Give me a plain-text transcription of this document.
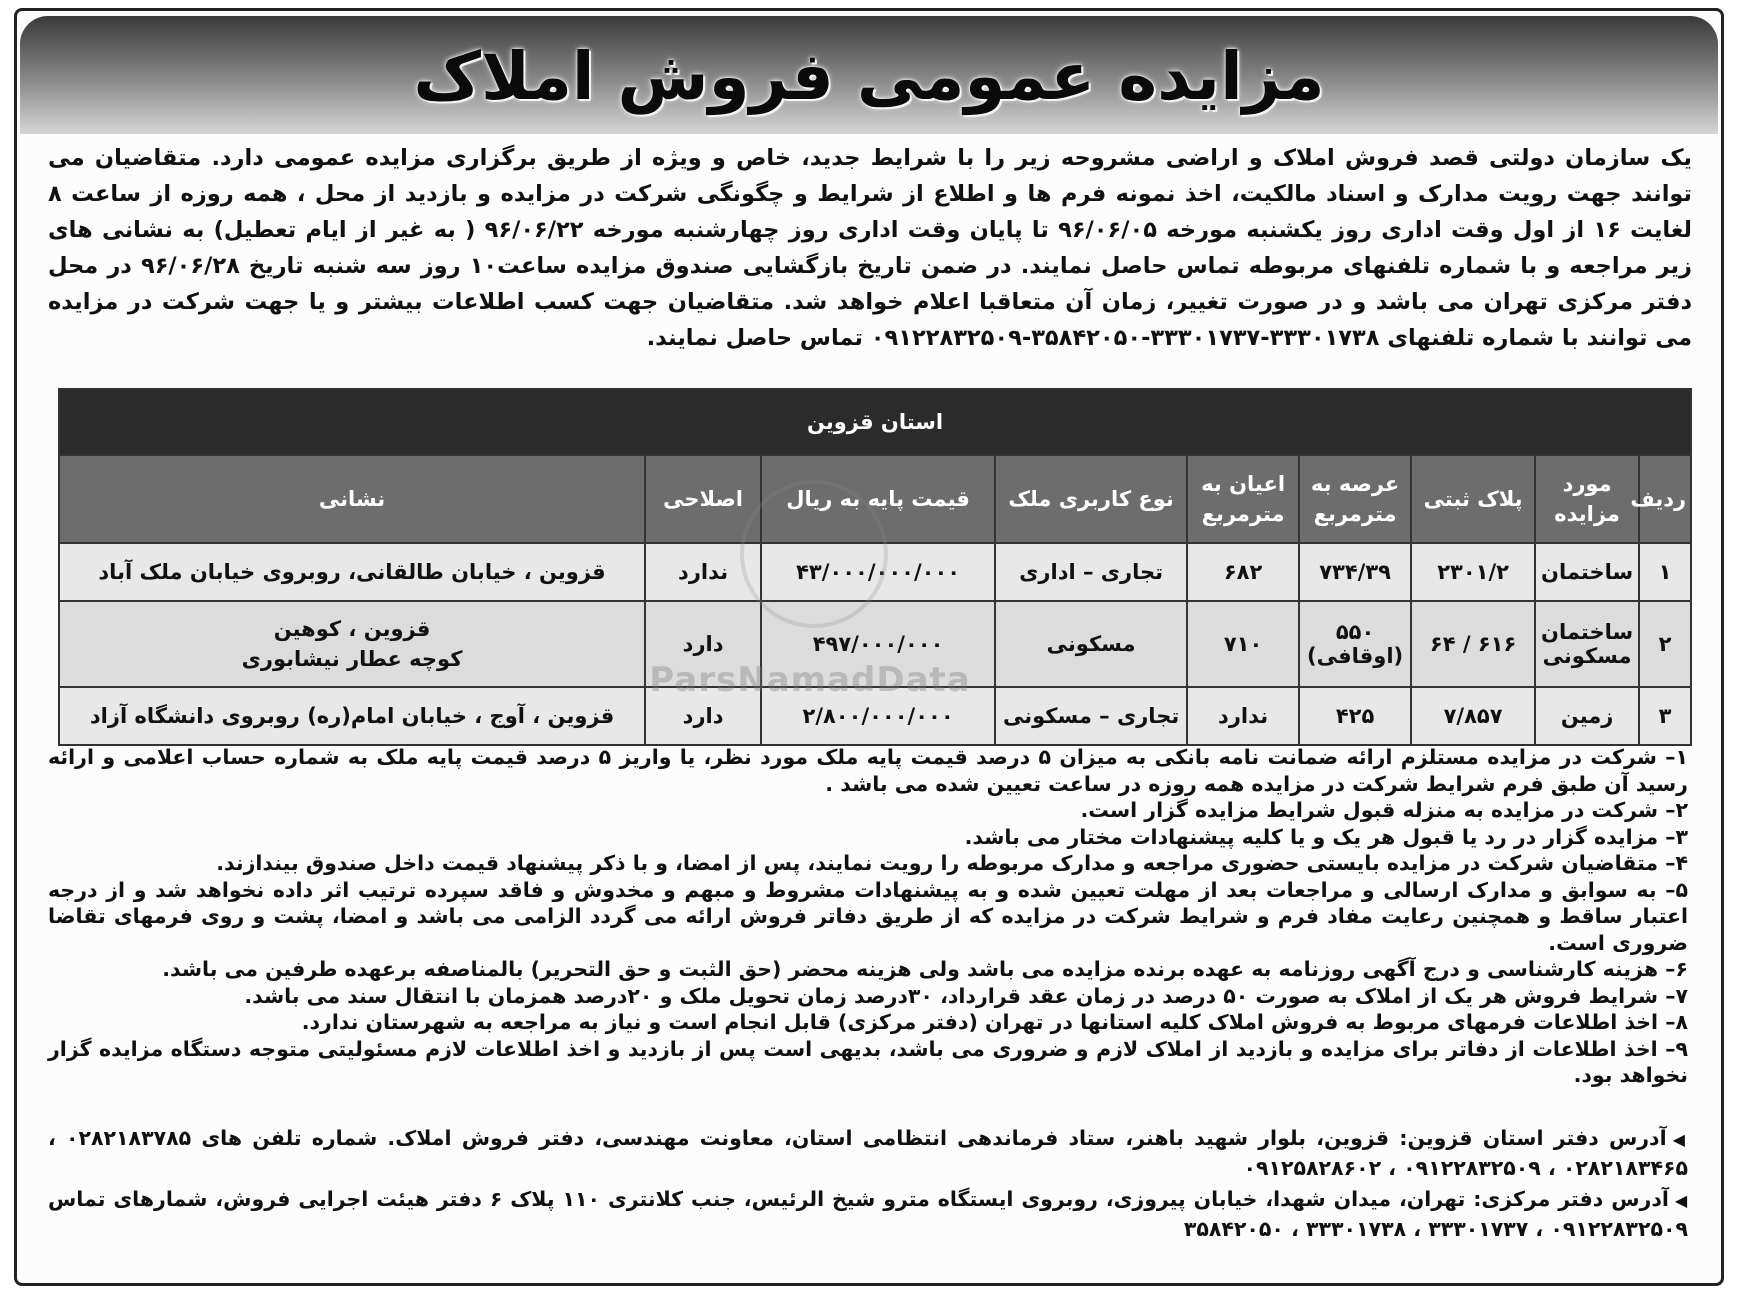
مزایده عمومی فروش املاک

یک سازمان دولتی قصد فروش املاک و اراضی مشروحه زیر را با شرایط جدید، خاص و ویژه از طریق برگزاری مزایده عمومی دارد. متقاضیان می توانند جهت رویت مدارک و اسناد مالکیت، اخذ نمونه فرم ها و اطلاع از شرایط و چگونگی شرکت در مزایده و بازدید از محل ، همه روزه از ساعت ۸ لغایت ۱۶ از اول وقت اداری روز یکشنبه مورخه ۹۶/۰۶/۰۵ تا پایان وقت اداری روز چهارشنبه مورخه ۹۶/۰۶/۲۲ ( به غیر از ایام تعطیل) به نشانی های زیر مراجعه و با شماره تلفنهای مربوطه تماس حاصل نمایند. در ضمن تاریخ بازگشایی صندوق مزایده ساعت۱۰ روز سه شنبه تاریخ ۹۶/۰۶/۲۸ در محل دفتر مرکزی تهران می باشد و در صورت تغییر، زمان آن متعاقبا اعلام خواهد شد. متقاضیان جهت کسب اطلاعات بیشتر و یا جهت شرکت در مزایده می توانند با شماره تلفنهای ۳۳۳۰۱۷۳۸-۳۳۳۰۱۷۳۷-۳۵۸۴۲۰۵۰-۰۹۱۲۲۸۳۲۵۰۹ تماس حاصل نمایند.

استان قزوین								
ردیف	مورد مزایده	پلاک ثبتی	عرصه به مترمربع	اعیان به مترمربع	نوع کاربری ملک	قیمت پایه به ریال	اصلاحی	نشانی
۱	ساختمان	۲۳۰۱/۲	۷۳۴/۳۹	۶۸۲	تجاری – اداری	۴۳/۰۰۰/۰۰۰/۰۰۰	ندارد	قزوین ، خیابان طالقانی، روبروی خیابان ملک آباد
۲	ساختمان مسکونی	۶۱۶ / ۶۴	۵۵۰ (اوقافی)	۷۱۰	مسکونی	۴۹۷/۰۰۰/۰۰۰	دارد	قزوین ، کوهین
کوچه عطار نیشابوری
۳	زمین	۷/۸۵۷	۴۲۵	ندارد	تجاری – مسکونی	۲/۸۰۰/۰۰۰/۰۰۰	دارد	قزوین ، آوج ، خیابان امام(ره) روبروی دانشگاه آزاد
ParsNamadData

۱– شرکت در مزایده مستلزم ارائه ضمانت نامه بانکی به میزان ۵ درصد قیمت پایه ملک مورد نظر، یا واریز ۵ درصد قیمت پایه ملک به شماره حساب اعلامی و ارائه رسید آن طبق فرم شرایط شرکت در مزایده همه روزه در ساعت تعیین شده می باشد .

۲– شرکت در مزایده به منزله قبول شرایط مزایده گزار است.

۳– مزایده گزار در رد یا قبول هر یک و یا کلیه پیشنهادات مختار می باشد.

۴– متقاضیان شرکت در مزایده بایستی حضوری مراجعه و مدارک مربوطه را رویت نمایند، پس از امضا، و با ذکر پیشنهاد قیمت داخل صندوق بیندازند.

۵– به سوابق و مدارک ارسالی و مراجعات بعد از مهلت تعیین شده و به پیشنهادات مشروط و مبهم و مخدوش و فاقد سپرده ترتیب اثر داده نخواهد شد و از درجه اعتبار ساقط و همچنین رعایت مفاد فرم و شرایط شرکت در مزایده که از طریق دفاتر فروش ارائه می گردد الزامی می باشد و امضا، پشت و روی فرمهای تقاضا ضروری است.

۶– هزینه کارشناسی و درج آگهی روزنامه به عهده برنده مزایده می باشد ولی هزینه محضر (حق الثبت و حق التحریر) بالمناصفه برعهده طرفین می باشد.

۷– شرایط فروش هر یک از املاک به صورت ۵۰ درصد در زمان عقد قرارداد، ۳۰درصد زمان تحویل ملک و ۲۰درصد همزمان با انتقال سند می باشد.

۸– اخذ اطلاعات فرمهای مربوط به فروش املاک کلیه استانها در تهران (دفتر مرکزی) قابل انجام است و نیاز به مراجعه به شهرستان ندارد.

۹– اخذ اطلاعات از دفاتر برای مزایده و بازدید از املاک لازم و ضروری می باشد، بدیهی است پس از بازدید و اخذ اطلاعات لازم مسئولیتی متوجه دستگاه مزایده گزار نخواهد بود.

◀آدرس دفتر استان قزوین: قزوین، بلوار شهید باهنر، ستاد فرماندهی انتظامی استان، معاونت مهندسی، دفتر فروش املاک. شماره تلفن های ۰۲۸۲۱۸۳۷۸۵ ، ۰۲۸۲۱۸۳۴۶۵ ، ۰۹۱۲۲۸۳۲۵۰۹ ، ۰۹۱۲۵۸۲۸۶۰۲

◀آدرس دفتر مرکزی: تهران، میدان شهدا، خیابان پیروزی، روبروی ایستگاه مترو شیخ الرئیس، جنب کلانتری ۱۱۰ پلاک ۶ دفتر هیئت اجرایی فروش، شمارهای تماس ۰۹۱۲۲۸۳۲۵۰۹ ، ۳۳۳۰۱۷۳۷ ، ۳۳۳۰۱۷۳۸ ، ۳۵۸۴۲۰۵۰
